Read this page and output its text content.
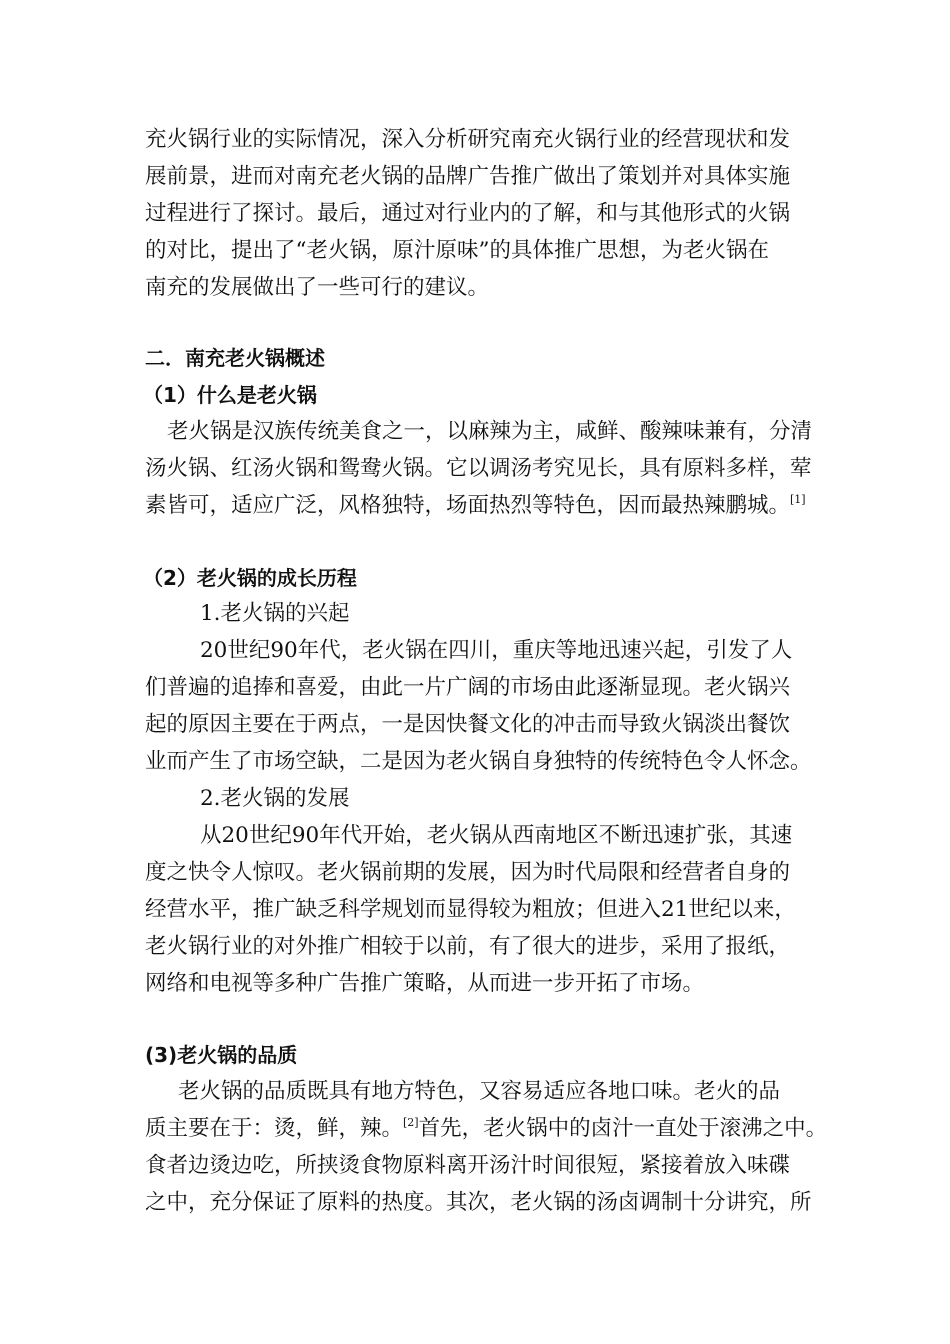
充火锅行业的实际情况，深入分析研究南充火锅行业的经营现状和发

展前景，进而对南充老火锅的品牌广告推广做出了策划并对具体实施

过程进行了探讨。最后，通过对行业内的了解，和与其他形式的火锅

的对比，提出了“老火锅，原汁原味”的具体推广思想，为老火锅在

南充的发展做出了一些可行的建议。

二．南充老火锅概述

（1）什么是老火锅

老火锅是汉族传统美食之一，以麻辣为主，咸鲜、酸辣味兼有，分清

汤火锅、红汤火锅和鸳鸯火锅。它以调汤考究见长，具有原料多样，荤

素皆可，适应广泛，风格独特，场面热烈等特色，因而最热辣鹏城。[1]

（2）老火锅的成长历程

1.老火锅的兴起

20世纪90年代，老火锅在四川，重庆等地迅速兴起，引发了人

们普遍的追捧和喜爱，由此一片广阔的市场由此逐渐显现。老火锅兴

起的原因主要在于两点，一是因快餐文化的冲击而导致火锅淡出餐饮

业而产生了市场空缺，二是因为老火锅自身独特的传统特色令人怀念。

2.老火锅的发展

从20世纪90年代开始，老火锅从西南地区不断迅速扩张，其速

度之快令人惊叹。老火锅前期的发展，因为时代局限和经营者自身的

经营水平，推广缺乏科学规划而显得较为粗放；但进入21世纪以来，

老火锅行业的对外推广相较于以前，有了很大的进步，采用了报纸，

网络和电视等多种广告推广策略，从而进一步开拓了市场。

(3)老火锅的品质

老火锅的品质既具有地方特色，又容易适应各地口味。老火的品

质主要在于：烫，鲜，辣。[2]首先，老火锅中的卤汁一直处于滚沸之中。

食者边烫边吃，所挟烫食物原料离开汤汁时间很短，紧接着放入味碟

之中，充分保证了原料的热度。其次，老火锅的汤卤调制十分讲究，所
